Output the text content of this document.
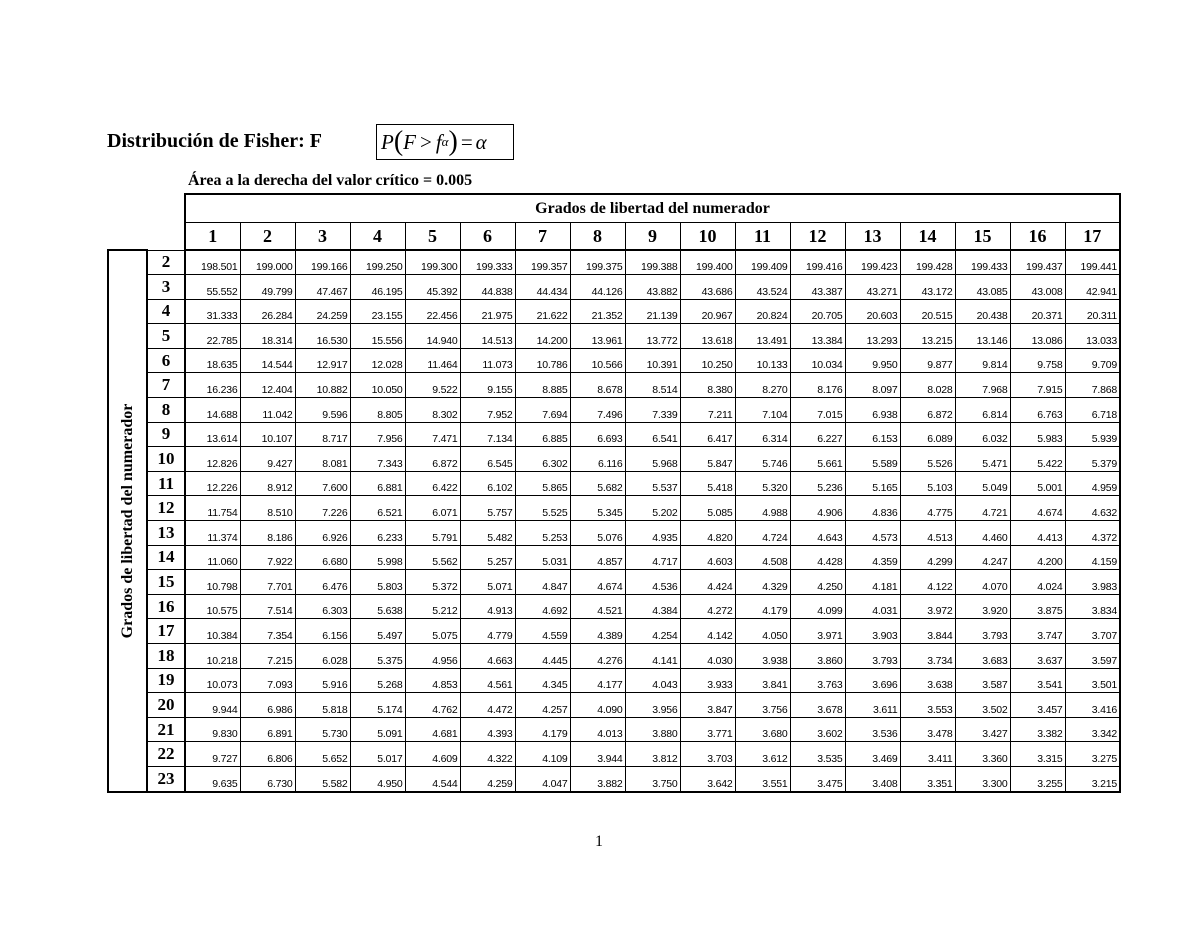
Distribución de Fisher: F	P ( F > f α ) = α
Área a la derecha del valor crítico = 0.005
		Grados de libertad del numerador																
		1	2	3	4	5	6	7	8	9	10	11	12	13	14	15	16	17

Grados de libertad del numerador	2	198.501	199.000	199.166	199.250	199.300	199.333	199.357	199.375	199.388	199.400	199.409	199.416	199.423	199.428	199.433	199.437	199.441
	3	55.552	49.799	47.467	46.195	45.392	44.838	44.434	44.126	43.882	43.686	43.524	43.387	43.271	43.172	43.085	43.008	42.941
	4	31.333	26.284	24.259	23.155	22.456	21.975	21.622	21.352	21.139	20.967	20.824	20.705	20.603	20.515	20.438	20.371	20.311
	5	22.785	18.314	16.530	15.556	14.940	14.513	14.200	13.961	13.772	13.618	13.491	13.384	13.293	13.215	13.146	13.086	13.033
	6	18.635	14.544	12.917	12.028	11.464	11.073	10.786	10.566	10.391	10.250	10.133	10.034	9.950	9.877	9.814	9.758	9.709
	7	16.236	12.404	10.882	10.050	9.522	9.155	8.885	8.678	8.514	8.380	8.270	8.176	8.097	8.028	7.968	7.915	7.868
	8	14.688	11.042	9.596	8.805	8.302	7.952	7.694	7.496	7.339	7.211	7.104	7.015	6.938	6.872	6.814	6.763	6.718
	9	13.614	10.107	8.717	7.956	7.471	7.134	6.885	6.693	6.541	6.417	6.314	6.227	6.153	6.089	6.032	5.983	5.939
	10	12.826	9.427	8.081	7.343	6.872	6.545	6.302	6.116	5.968	5.847	5.746	5.661	5.589	5.526	5.471	5.422	5.379
	11	12.226	8.912	7.600	6.881	6.422	6.102	5.865	5.682	5.537	5.418	5.320	5.236	5.165	5.103	5.049	5.001	4.959
	12	11.754	8.510	7.226	6.521	6.071	5.757	5.525	5.345	5.202	5.085	4.988	4.906	4.836	4.775	4.721	4.674	4.632
	13	11.374	8.186	6.926	6.233	5.791	5.482	5.253	5.076	4.935	4.820	4.724	4.643	4.573	4.513	4.460	4.413	4.372
	14	11.060	7.922	6.680	5.998	5.562	5.257	5.031	4.857	4.717	4.603	4.508	4.428	4.359	4.299	4.247	4.200	4.159
	15	10.798	7.701	6.476	5.803	5.372	5.071	4.847	4.674	4.536	4.424	4.329	4.250	4.181	4.122	4.070	4.024	3.983
	16	10.575	7.514	6.303	5.638	5.212	4.913	4.692	4.521	4.384	4.272	4.179	4.099	4.031	3.972	3.920	3.875	3.834
	17	10.384	7.354	6.156	5.497	5.075	4.779	4.559	4.389	4.254	4.142	4.050	3.971	3.903	3.844	3.793	3.747	3.707
	18	10.218	7.215	6.028	5.375	4.956	4.663	4.445	4.276	4.141	4.030	3.938	3.860	3.793	3.734	3.683	3.637	3.597
	19	10.073	7.093	5.916	5.268	4.853	4.561	4.345	4.177	4.043	3.933	3.841	3.763	3.696	3.638	3.587	3.541	3.501
	20	9.944	6.986	5.818	5.174	4.762	4.472	4.257	4.090	3.956	3.847	3.756	3.678	3.611	3.553	3.502	3.457	3.416
	21	9.830	6.891	5.730	5.091	4.681	4.393	4.179	4.013	3.880	3.771	3.680	3.602	3.536	3.478	3.427	3.382	3.342
	22	9.727	6.806	5.652	5.017	4.609	4.322	4.109	3.944	3.812	3.703	3.612	3.535	3.469	3.411	3.360	3.315	3.275
	23	9.635	6.730	5.582	4.950	4.544	4.259	4.047	3.882	3.750	3.642	3.551	3.475	3.408	3.351	3.300	3.255	3.215
1
